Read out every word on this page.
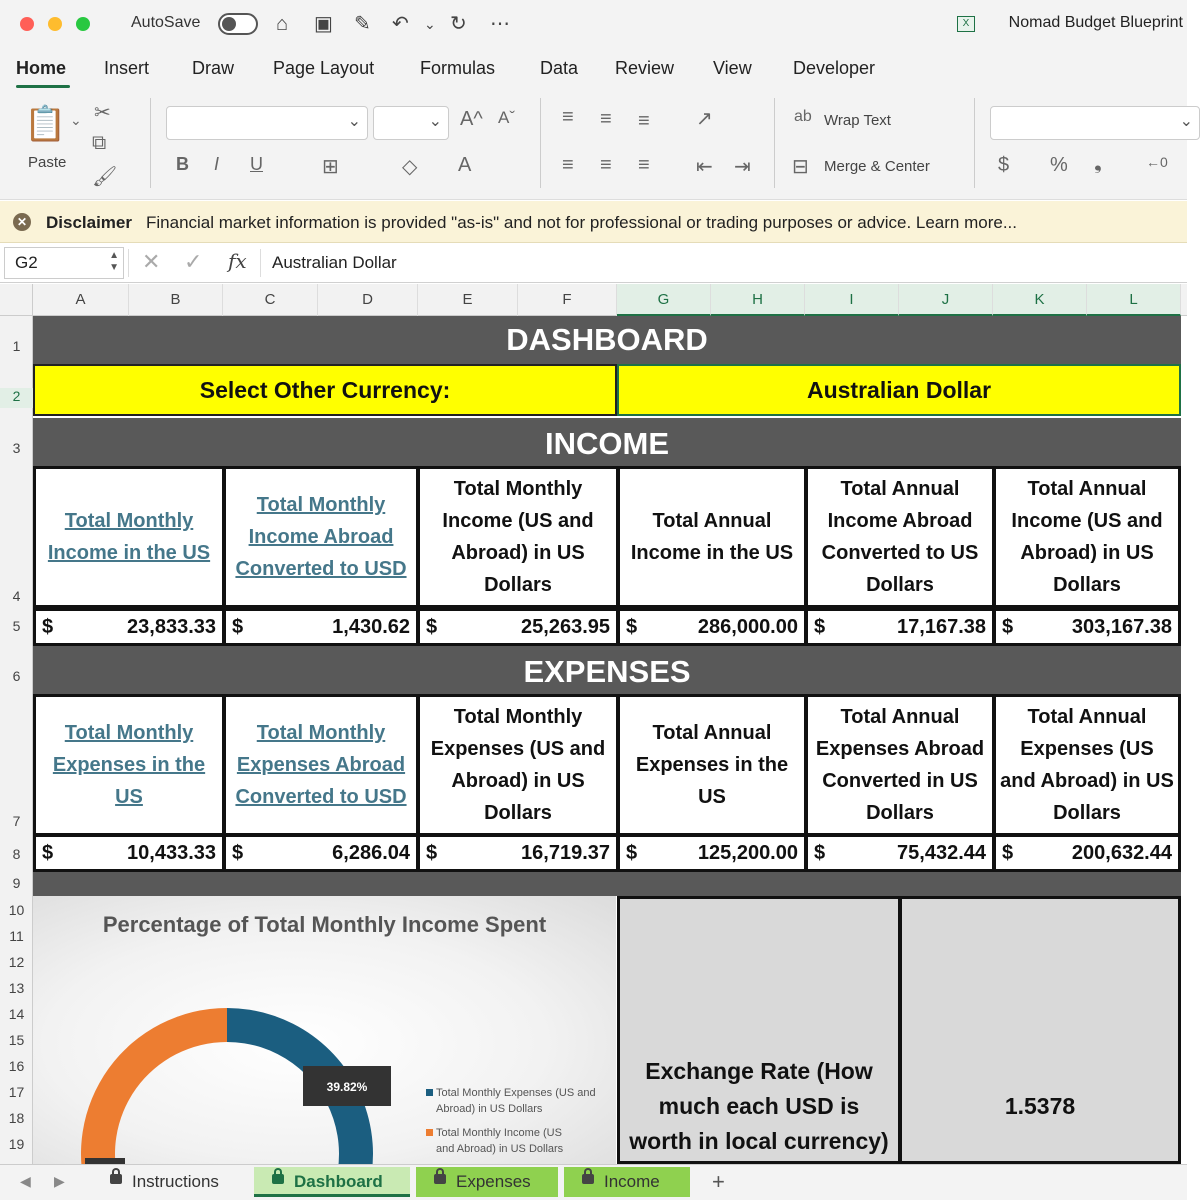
AutoSave	⌂ ▣ ✎ ↶ ⌄ ↻ ⋯	X	Nomad Budget Blueprint
Home Insert Draw Page Layout	Formulas Data Review View Developer
📋 ⌄
Paste
✂
⧉
🖌
⌄
⌄
A^ Aˇ
B I U	⊞	◇ A
≡ ≡ ≡ ↗
≡ ≡ ≡ ⇤ ⇥
ab Wrap Text
⊟ Merge & Center
⌄	$ % ❟	←0
✕ Disclaimer Financial market information is provided "as-is" and not for professional or trading purposes or advice. Learn more...
G2	▲
▼ ✕ ✓ fx Australian Dollar
A	B	C	D	E	F	G	H	I	J	K	L
1
2
3
4
5
6
7
8
9
10
11
12
13
14
15
16
17
18
19
DASHBOARD
Select Other Currency:	Australian Dollar
INCOME
Total Monthly Income in the US
Total Monthly Income Abroad Converted to USD
Total Monthly Income (US and Abroad) in US Dollars
Total Annual Income in the US
Total Annual Income Abroad Converted to US Dollars
Total Annual Income (US and Abroad) in US Dollars
$	23,833.33 $	1,430.62 $	25,263.95 $	286,000.00 $	17,167.38 $	303,167.38
EXPENSES
Total Monthly Expenses in the US
Total Monthly Expenses Abroad Converted to USD
Total Monthly Expenses (US and Abroad) in US Dollars
Total Annual Expenses in the US
Total Annual Expenses Abroad Converted in US Dollars
Total Annual Expenses (US and Abroad) in US Dollars
$	10,433.33 $	6,286.04 $	16,719.37 $	125,200.00 $	75,432.44 $	200,632.44
Percentage of Total Monthly Income Spent
39.82%	Total Monthly Expenses (US and
Abroad) in US Dollars
Total Monthly Income (US
and Abroad) in US Dollars
Exchange Rate (How much each USD is worth in local currency)
1.5378
◀ ▶	Instructions	Dashboard	Expenses	Income	+
